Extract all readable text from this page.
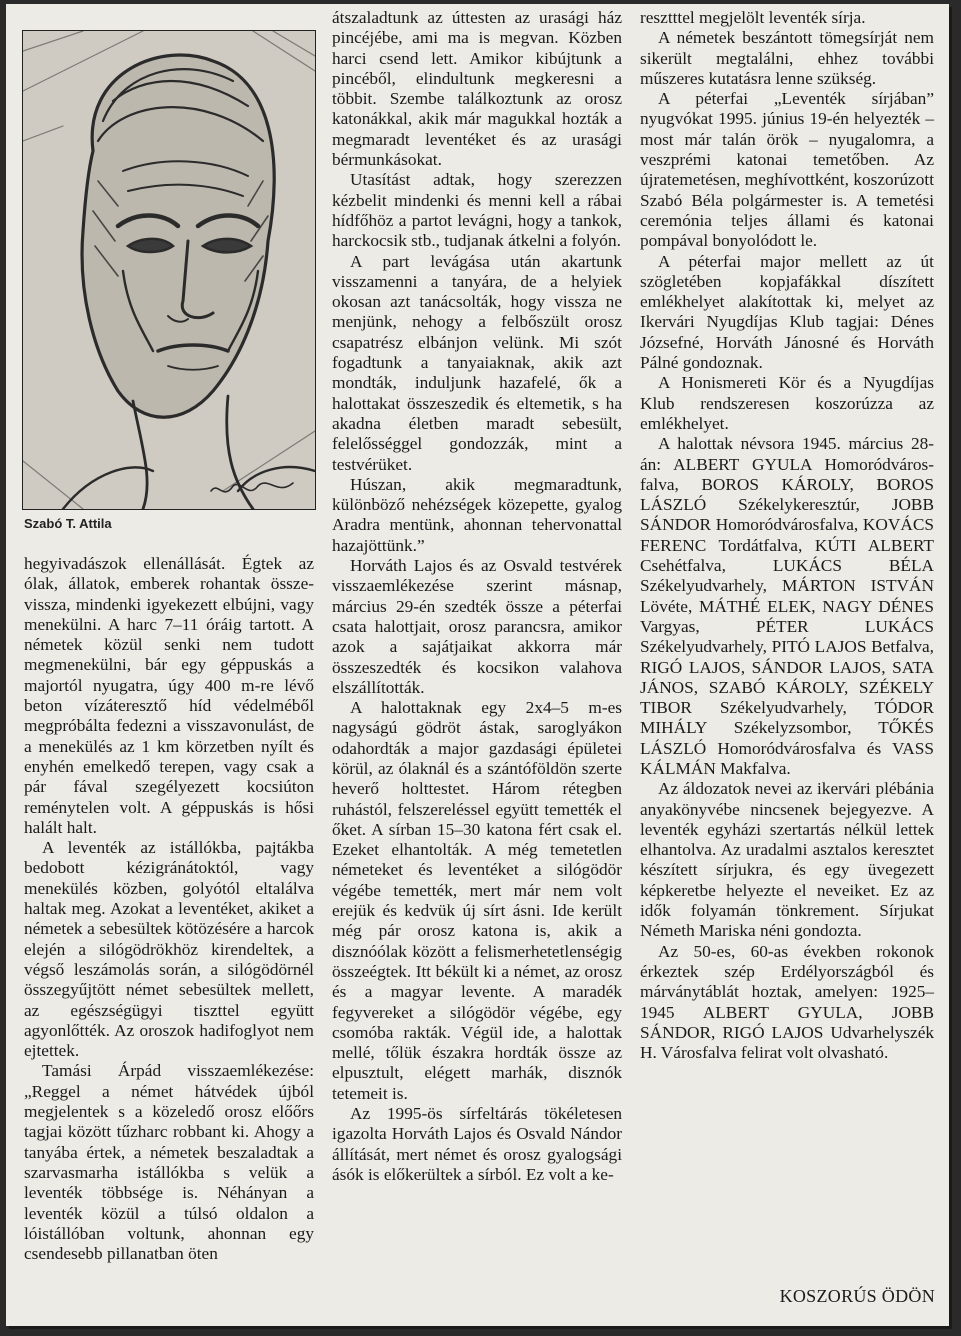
Szabó T. Attila

hegyivadászok ellenállását. Égtek az ólak, állatok, emberek rohantak össze-vissza, mindenki igyekezett elbújni, vagy menekülni. A harc 7–11 óráig tartott. A németek közül senki nem tudott megmenekülni, bár egy géppuskás a majortól nyugatra, úgy 400 m-re lévő beton vízáteresztő híd védelméből megpróbálta fedezni a visszavonulást, de a menekülés az 1 km körzetben nyílt és enyhén emelkedő terepen, vagy csak a pár fával szegélyezett kocsiúton reménytelen volt. A géppuskás is hősi halált halt.

A leventék az istállókba, pajtákba bedobott kézigránátoktól, vagy menekülés közben, golyótól eltalálva haltak meg. Azokat a leventéket, akiket a németek a sebesültek kötözésére a harcok elején a silógödrökhöz kirendeltek, a végső leszámolás során, a silógödörnél összegyűjtött német sebesültek mellett, az egészségügyi tiszttel együtt agyonlőtték. Az oroszok hadifoglyot nem ejtettek.

Tamási Árpád visszaemlékezése: „Reggel a német hátvédek újból megjelentek s a közeledő orosz előőrs tagjai között tűzharc robbant ki. Ahogy a tanyába értek, a németek beszaladtak a szarvasmarha istállókba s velük a leventék többsége is. Néhányan a leventék közül a túlsó oldalon a lóistállóban voltunk, ahonnan egy csendesebb pillanatban öten

átszaladtunk az úttesten az urasági ház pincéjébe, ami ma is megvan. Közben harci csend lett. Amikor kibújtunk a pincéből, elindultunk megkeresni a többit. Szembe találkoztunk az orosz katonákkal, akik már magukkal hozták a megmaradt leventéket és az urasági bérmunkásokat.

Utasítást adtak, hogy szerezzen kézbelit mindenki és menni kell a rábai hídfőhöz a partot levágni, hogy a tankok, harckocsik stb., tudjanak átkelni a folyón.

A part levágása után akartunk visszamenni a tanyára, de a helyiek okosan azt tanácsolták, hogy vissza ne menjünk, nehogy a felbőszült orosz csapatrész elbánjon velünk. Mi szót fogadtunk a tanyaiaknak, akik azt mondták, induljunk hazafelé, ők a halottakat összeszedik és eltemetik, s ha akadna életben maradt sebesült, felelősséggel gondozzák, mint a testvérüket.

Húszan, akik megmaradtunk, különböző nehézségek közepette, gyalog Aradra mentünk, ahonnan tehervonattal hazajöttünk.”

Horváth Lajos és az Osvald testvérek visszaemlékezése szerint másnap, március 29-én szedték össze a péterfai csata halottjait, orosz parancsra, amikor azok a sajátjaikat akkorra már összeszedték és kocsikon valahova elszállították.

A halottaknak egy 2x4–5 m-es nagyságú gödröt ástak, saroglyákon odahordták a major gazdasági épületei körül, az ólaknál és a szántóföldön szerte heverő holttestet. Három rétegben ruhástól, felszereléssel együtt temették el őket. A sírban 15–30 katona fért csak el. Ezeket elhantolták. A még temetetlen németeket és leventéket a silógödör végébe temették, mert már nem volt erejük és kedvük új sírt ásni. Ide került még pár orosz katona is, akik a disznóólak között a felismerhetetlenségig összeégtek. Itt békült ki a német, az orosz és a magyar levente. A maradék fegyvereket a silógödör végébe, egy csomóba rakták. Végül ide, a halottak mellé, tőlük északra hordták össze az elpusztult, elégett marhák, disznók tetemeit is.

Az 1995-ös sírfeltárás tökéletesen igazolta Horváth Lajos és Osvald Nándor állítását, mert német és orosz gyalogsági ásók is előkerültek a sírból. Ez volt a ke-

resztttel megjelölt leventék sírja.

A németek beszántott tömegsírját nem sikerült megtalálni, ehhez további műszeres kutatásra lenne szükség.

A péterfai „Leventék sírjában” nyugvókat 1995. június 19-én helyezték – most már talán örök – nyugalomra, a veszprémi katonai temetőben. Az újratemetésen, meghívottként, koszorúzott Szabó Béla polgármester is. A temetési ceremónia teljes állami és katonai pompával bonyolódott le.

A péterfai major mellett az út szögletében kopjafákkal díszített emlékhelyet alakítottak ki, melyet az Ikervári Nyugdíjas Klub tagjai: Dénes Józsefné, Horváth Jánosné és Horváth Pálné gondoznak.

A Honismereti Kör és a Nyugdíjas Klub rendszeresen koszorúzza az emlékhelyet.

A halottak névsora 1945. március 28-án: ALBERT GYULA Homoródvárosfalva, BOROS KÁROLY, BOROS LÁSZLÓ Székelykeresztúr, JOBB SÁNDOR Homoródvárosfalva, KOVÁCS FERENC Tordátfalva, KÚTI ALBERT Csehétfalva, LUKÁCS BÉLA Székelyudvarhely, MÁRTON ISTVÁN Lövéte, MÁTHÉ ELEK, NAGY DÉNES Vargyas, PÉTER LUKÁCS Székelyudvarhely, PITÓ LAJOS Betfalva, RIGÓ LAJOS, SÁNDOR LAJOS, SATA JÁNOS, SZABÓ KÁROLY, SZÉKELY TIBOR Székelyudvarhely, TÓDOR MIHÁLY Székelyzsombor, TŐKÉS LÁSZLÓ Homoródvárosfalva és VASS KÁLMÁN Makfalva.

Az áldozatok nevei az ikervári plébánia anyakönyvébe nincsenek bejegyezve. A leventék egyházi szertartás nélkül lettek elhantolva. Az uradalmi asztalos keresztet készített sírjukra, és egy üvegezett képkeretbe helyezte el neveiket. Ez az idők folyamán tönkrement. Sírjukat Németh Mariska néni gondozta.

Az 50-es, 60-as években rokonok érkeztek szép Erdélyországból és márványtáblát hoztak, amelyen: 1925–1945 ALBERT GYULA, JOBB SÁNDOR, RIGÓ LAJOS Udvarhelyszék H. Városfalva felirat volt olvasható.

KOSZORÚS ÖDÖN
